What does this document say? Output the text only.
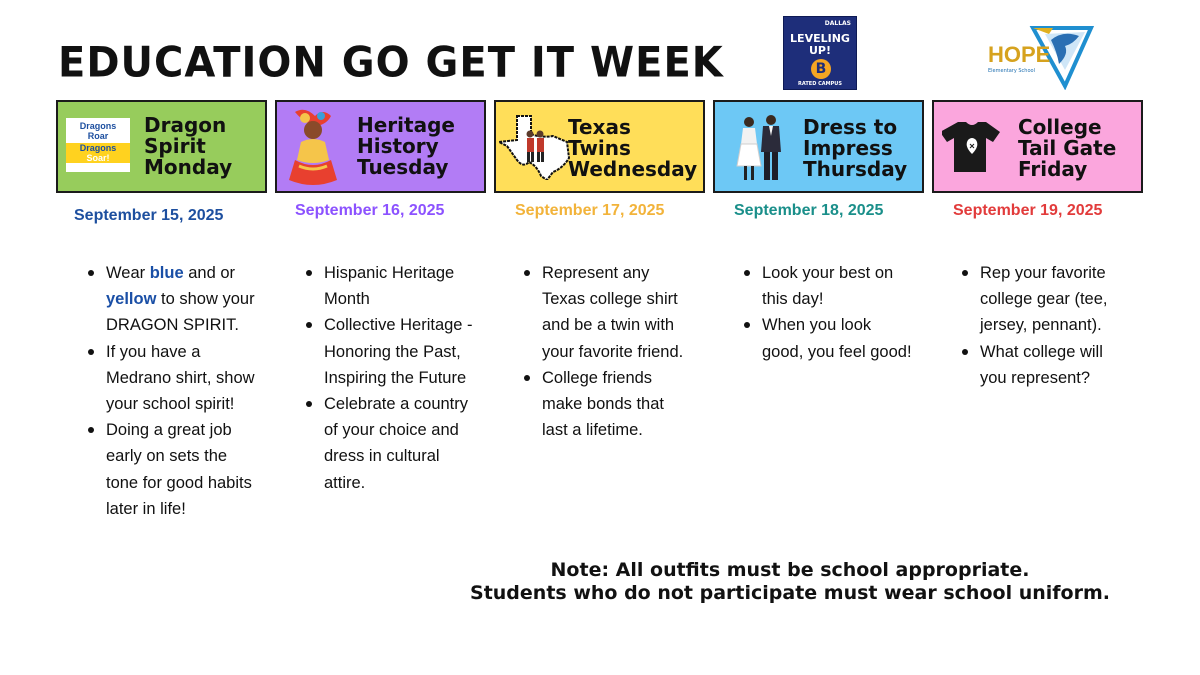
EDUCATION GO GET IT WEEK
DALLAS
LEVELING
UP!
B
RATED CAMPUS
HOPE
Elementary School
Dragons
Roar
Dragons
Soar!
Dragon
Spirit
Monday
Heritage
History
Tuesday
Texas
Twins
Wednesday
Dress to
Impress
Thursday
College
Tail Gate
Friday
September 15, 2025	September 16, 2025	September 17, 2025	September 18, 2025	September 19, 2025
Wear blue and or yellow to show your DRAGON SPIRIT.
If you have a Medrano shirt, show your school spirit!
Doing a great job early on sets the tone for good habits later in life!
Hispanic Heritage Month
Collective Heritage - Honoring the Past, Inspiring the Future
Celebrate a country of your choice and dress in cultural attire.
Represent any Texas college shirt and be a twin with your favorite friend.
College friends make bonds that last a lifetime.
Look your best on this day!
When you look good, you feel good!
Rep your favorite college gear (tee, jersey, pennant).
What college will you represent?
Note: All outfits must be school appropriate.
Students who do not participate must wear school uniform.
